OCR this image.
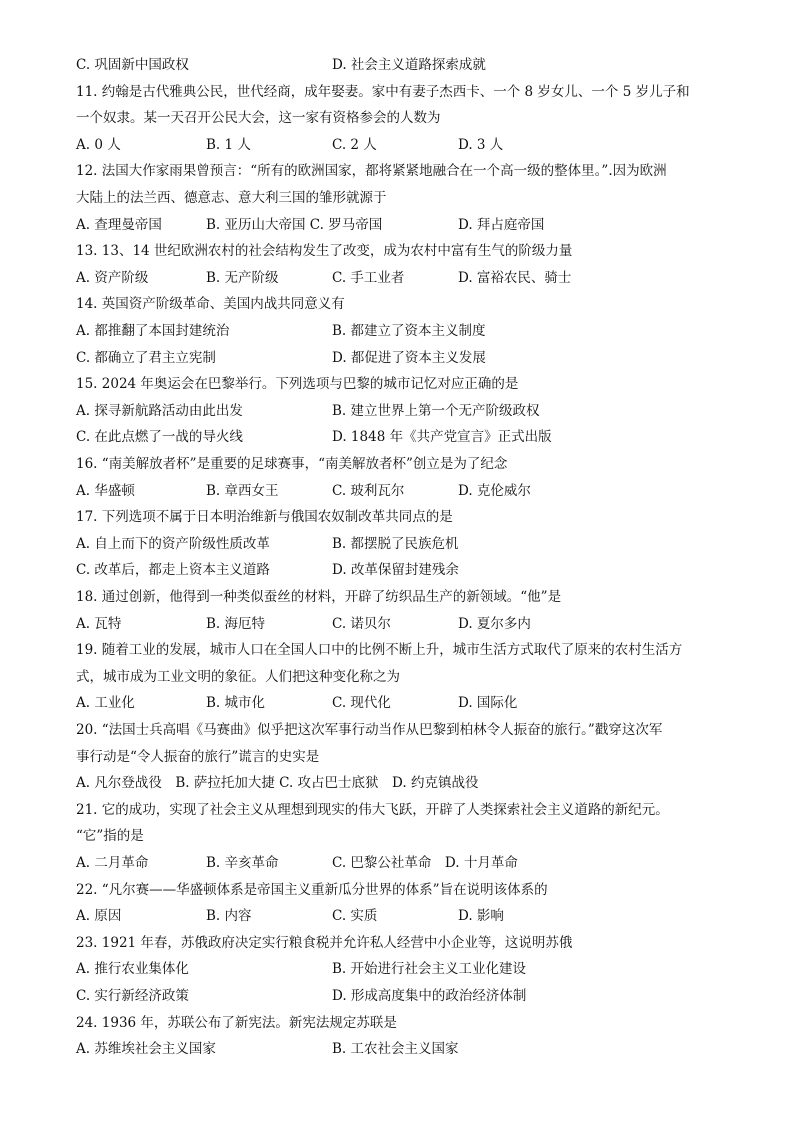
C. 巩固新中国政权	D. 社会主义道路探索成就
11. 约翰是古代雅典公民，世代经商，成年娶妻。家中有妻子杰西卡、一个 8 岁女儿、一个 5 岁儿子和
一个奴隶。某一天召开公民大会，这一家有资格参会的人数为
A. 0 人	B. 1 人	C. 2 人	D. 3 人
12. 法国大作家雨果曾预言：“所有的欧洲国家，都将紧紧地融合在一个高一级的整体里。”.因为欧洲
大陆上的法兰西、德意志、意大利三国的雏形就源于
A. 查理曼帝国	B. 亚历山大帝国 C. 罗马帝国	D. 拜占庭帝国
13. 13、14 世纪欧洲农村的社会结构发生了改变，成为农村中富有生气的阶级力量
A. 资产阶级	B. 无产阶级	C. 手工业者	D. 富裕农民、骑士
14. 英国资产阶级革命、美国内战共同意义有
A. 都推翻了本国封建统治	B. 都建立了资本主义制度
C. 都确立了君主立宪制	D. 都促进了资本主义发展
15. 2024 年奥运会在巴黎举行。下列选项与巴黎的城市记忆对应正确的是
A. 探寻新航路活动由此出发	B. 建立世界上第一个无产阶级政权
C. 在此点燃了一战的导火线	D. 1848 年《共产党宣言》正式出版
16. “南美解放者杯”是重要的足球赛事，“南美解放者杯”创立是为了纪念
A. 华盛顿	B. 章西女王	C. 玻利瓦尔	D. 克伦威尔
17. 下列选项不属于日本明治维新与俄国农奴制改革共同点的是
A. 自上而下的资产阶级性质改革	B. 都摆脱了民族危机
C. 改革后，都走上资本主义道路	D. 改革保留封建残余
18. 通过创新，他得到一种类似蚕丝的材料，开辟了纺织品生产的新领域。“他”是
A. 瓦特	B. 海厄特	C. 诺贝尔	D. 夏尔多内
19. 随着工业的发展，城市人口在全国人口中的比例不断上升，城市生活方式取代了原来的农村生活方
式，城市成为工业文明的象征。人们把这种变化称之为
A. 工业化	B. 城市化	C. 现代化	D. 国际化
20. “法国士兵高唱《马赛曲》似乎把这次军事行动当作从巴黎到柏林令人振奋的旅行。”戳穿这次军
事行动是“令人振奋的旅行”谎言的史实是
A. 凡尔登战役　B. 萨拉托加大捷 C. 攻占巴士底狱　D. 约克镇战役
21. 它的成功，实现了社会主义从理想到现实的伟大飞跃，开辟了人类探索社会主义道路的新纪元。
“它”指的是
A. 二月革命	B. 辛亥革命	C. 巴黎公社革命　D. 十月革命
22. “凡尔赛——华盛顿体系是帝国主义重新瓜分世界的体系”旨在说明该体系的
A. 原因	B. 内容	C. 实质	D. 影响
23. 1921 年春，苏俄政府决定实行粮食税并允许私人经营中小企业等，这说明苏俄
A. 推行农业集体化	B. 开始进行社会主义工业化建设
C. 实行新经济政策	D. 形成高度集中的政治经济体制
24. 1936 年，苏联公布了新宪法。新宪法规定苏联是
A. 苏维埃社会主义国家	B. 工农社会主义国家
